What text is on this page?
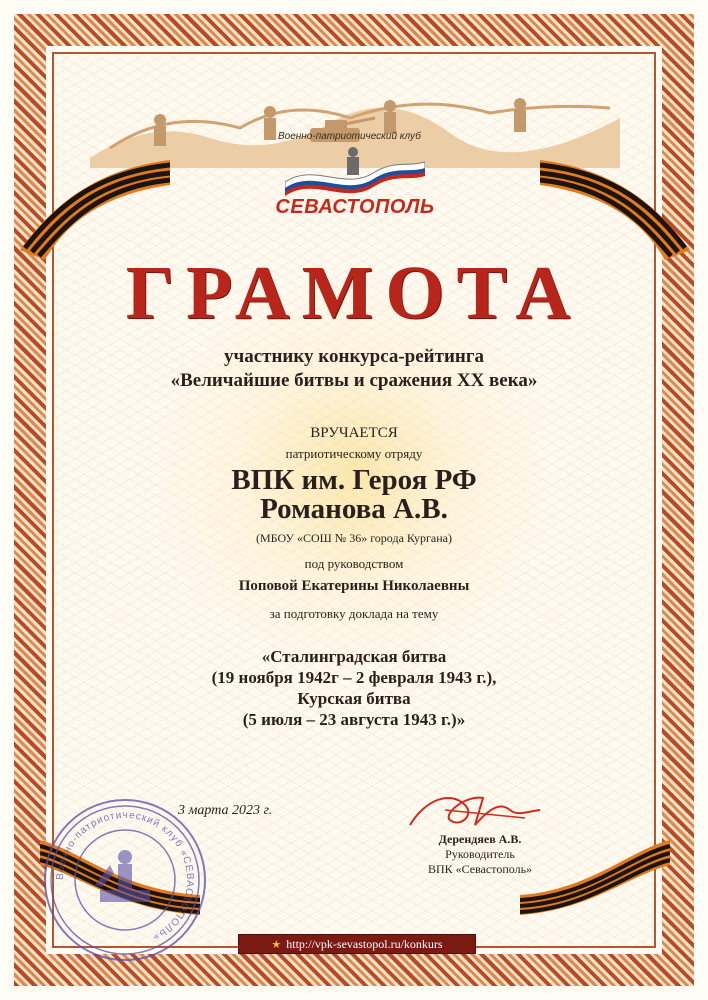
Военно-патриотический клуб
СЕВАСТОПОЛЬ
ГРАМОТА
участнику конкурса-рейтинга
«Величайшие битвы и сражения XX века»
ВРУЧАЕТСЯ
патриотическому отряду
ВПК им. Героя РФ
Романова А.В.
(МБОУ «СОШ № 36» города Кургана)
под руководством
Поповой Екатерины Николаевны
за подготовку доклада на тему
«Сталинградская битва
(19 ноября 1942г – 2 февраля 1943 г.),
Курская битва
(5 июля – 23 августа 1943 г.)»
3 марта 2023 г.
Дерендяев А.В.
Руководитель
ВПК «Севастополь»
Военно-патриотический клуб «СЕВАСТОПОЛЬ»
★ http://vpk-sevastopol.ru/konkurs
